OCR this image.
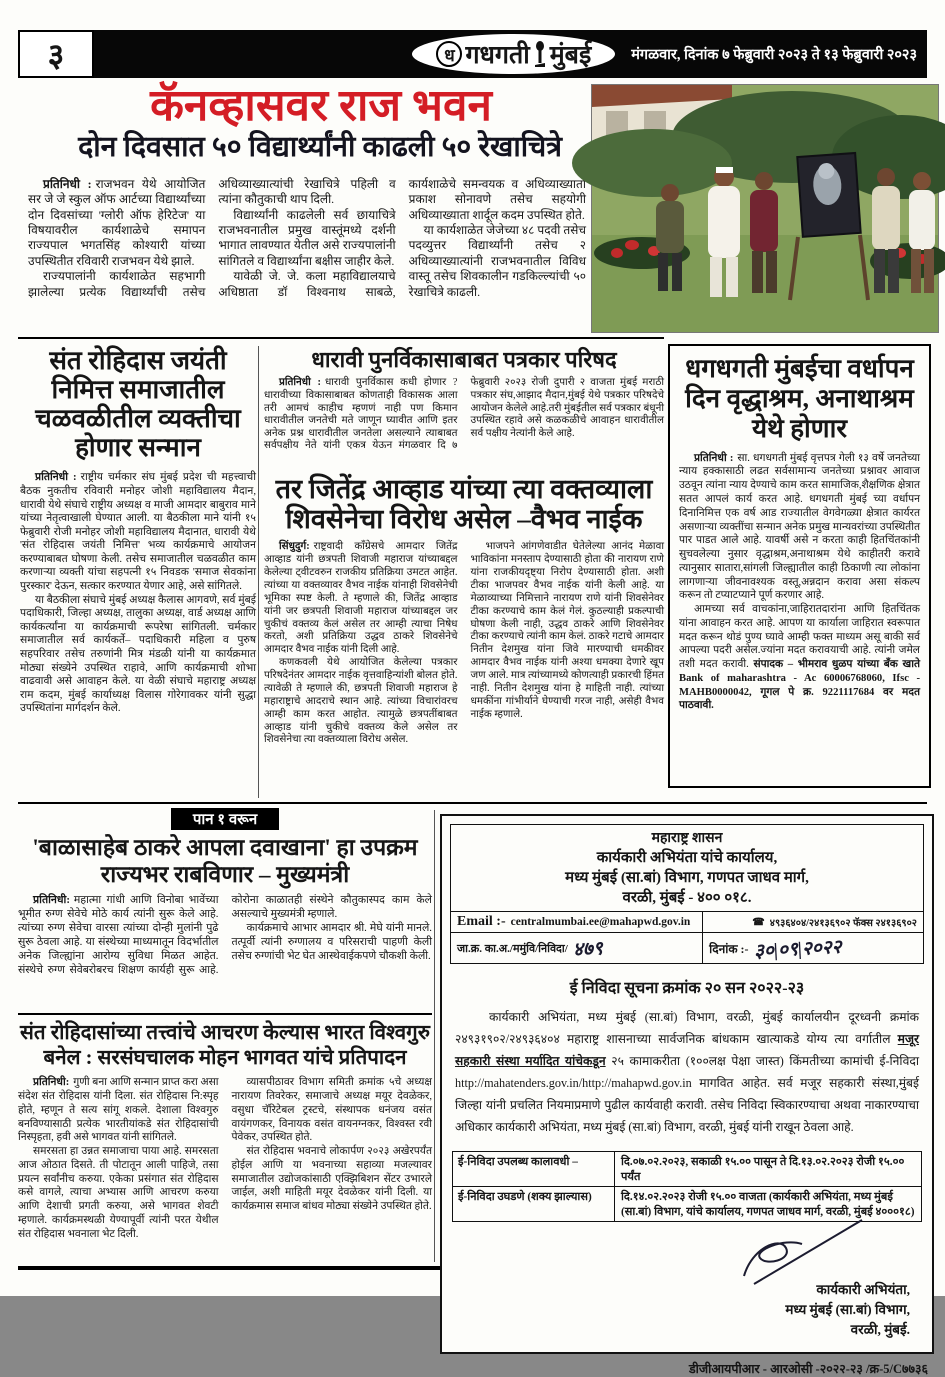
३	ध गधगती मुंबई	मंगळवार, दिनांक ७ फेब्रुवारी २०२३ ते १३ फेब्रुवारी २०२३
कॅनव्हासवर राज भवन
दोन दिवसात ५० विद्यार्थ्यांनी काढली ५० रेखाचित्रे

प्रतिनिधी : राजभवन येथे आयोजित सर जे जे स्कुल ऑफ आर्टच्या विद्यार्थ्यांच्या दोन दिवसांच्या 'ग्लोरी ऑफ हेरिटेज' या विषयावरील कार्यशाळेचे समापन राज्यपाल भगतसिंह कोश्यारी यांच्या उपस्थितीत रविवारी राजभवन येथे झाले.

राज्यपालांनी कार्यशाळेत सहभागी झालेल्या प्रत्येक विद्यार्थ्यांची तसेच अधिव्याख्यात्यांची रेखाचित्रे पहिली व त्यांना कौतुकाची थाप दिली.

विद्यार्थ्यांनी काढलेली सर्व छायाचित्रे राजभवनातील प्रमुख वास्तूंमध्ये दर्शनी भागात लावण्यात येतील असे राज्यपालांनी सांगितले व विद्यार्थ्यांना बक्षीस जाहीर केले.

यावेळी जे. जे. कला महाविद्यालयाचे अधिष्ठाता डॉ विश्वनाथ साबळे, कार्यशाळेचे समन्वयक व अधिव्याख्याता प्रकाश सोनावणे तसेच सहयोगी अधिव्याख्याता शार्दूल कदम उपस्थित होते.

या कार्यशाळेत जेजेच्या ४८ पदवी तसेच पदव्युत्तर विद्यार्थ्यांनी तसेच २ अधिव्याख्यात्यांनी राजभवनातील विविध वास्तू तसेच शिवकालीन गडकिल्ल्यांची ५० रेखाचित्रे काढली.

संत रोहिदास जयंती निमित्त समाजातील चळवळीतील व्यक्तीचा होणार सन्मान

प्रतिनिधी : राष्ट्रीय चर्मकार संघ मुंबई प्रदेश ची महत्त्वाची बैठक नुकतीच रविवारी मनोहर जोशी महाविद्यालय मैदान, धारावी येथे संघाचे राष्ट्रीय अध्यक्ष व माजी आमदार बाबुराव माने यांच्या नेतृत्वाखाली घेण्यात आली. या बैठकीला माने यांनी १५ फेब्रुवारी रोजी मनोहर जोशी महाविद्यालय मैदानात, धारावी येथे 'संत रोहिदास जयंती निमित्त' भव्य कार्यक्रमाचे आयोजन करण्याबाबत घोषणा केली. तसेच समाजातील चळवळीत काम करणाऱ्या व्यक्ती यांचा सहपत्नी १५ निवडक 'समाज सेवकांना पुरस्कार' देऊन, सत्कार करण्यात येणार आहे, असे सांगितले.

या बैठकीला संघाचे मुंबई अध्यक्ष कैलास आगवणे, सर्व मुंबई पदाधिकारी, जिल्हा अध्यक्ष, तालुका अध्यक्ष, वार्ड अध्यक्ष आणि कार्यकर्त्यांना या कार्यक्रमाची रूपरेषा सांगितली. चर्मकार समाजातील सर्व कार्यकर्ते– पदाधिकारी महिला व पुरुष सहपरिवार तसेच तरुणांनी मित्र मंडळी यांनी या कार्यक्रमात मोठ्या संख्येने उपस्थित राहावे, आणि कार्यक्रमाची शोभा वाढवावी असे आवाहन केले. या वेळी संघाचे महाराष्ट्र अध्यक्ष राम कदम, मुंबई कार्याध्यक्ष विलास गोरेगावकर यांनी सुद्धा उपस्थितांना मार्गदर्शन केले.

धारावी पुनर्विकासाबाबत पत्रकार परिषद

प्रतिनिधी : धारावी पुनर्विकास कधी होणार ? धारावीच्या विकासाबाबत कोणताही विकासक आला तरी आमचं काहीच म्हणणं नाही पण किमान धारावीतील जनतेची मते जाणून घ्यावीत आणि इतर अनेक प्रश्न धारावीतील जनतेला असल्याने त्याबाबत सर्वपक्षीय नेते यांनी एकत्र येऊन मंगळवार दि ७ फेब्रुवारी २०२३ रोजी दुपारी २ वाजता मुंबई मराठी पत्रकार संघ,आझाद मैदान,मुंबई येथे पत्रकार परिषदेचे आयोजन केलेले आहे.तरी मुंबईतील सर्व पत्रकार बंधूनी उपस्थित रहावे असे कळकळीचे आवाहन धारावीतील सर्व पक्षीय नेत्यांनी केले आहे.

तर जितेंद्र आव्हाड यांच्या त्या वक्तव्याला शिवसेनेचा विरोध असेल –वैभव नाईक

सिंधुदुर्ग: राष्ट्रवादी काँग्रेसचे आमदार जितेंद्र आव्हाड यांनी छत्रपती शिवाजी महाराज यांच्याबद्दल केलेल्या ट्वीटवरुन राजकीय प्रतिक्रिया उमटत आहेत. त्यांच्या या वक्तव्यावर वैभव नाईक यांनाही शिवसेनेची भूमिका स्पष्ट केली. ते म्हणाले की, जितेंद्र आव्हाड यांनी जर छत्रपती शिवाजी महाराज यांच्याबद्दल जर चुकीचं वक्तव्य केलं असेल तर आम्ही त्याचा निषेध करतो, अशी प्रतिक्रिया उद्धव ठाकरे शिवसेनेचे आमदार वैभव नाईक यांनी दिली आहे.

कणकवली येथे आयोजित केलेल्या पत्रकार परिषदेनंतर आमदार नाईक वृत्तवाहिन्यांशी बोलत होते. त्यावेळी ते म्हणाले की, छत्रपती शिवाजी महाराज हे महाराष्ट्राचे आदराचे स्थान आहे. त्यांच्या विचारांवरच आम्ही काम करत आहोत. त्यामुळे छत्रपतींबाबत आव्हाड यांनी चुकीचे वक्तव्य केले असेल तर शिवसेनेचा त्या वक्तव्याला विरोध असेल.

भाजपने आंगणेवाडीत घेतेलेल्या आनंद मेळावा भाविकांना मनस्ताप देण्यासाठी होता की नारायण राणे यांना राजकीयदृष्ट्या निरोप देण्यासाठी होता. अशी टीका भाजपवर वैभव नाईक यांनी केली आहे. या मेळाव्याच्या निमित्ताने नारायण राणे यांनी शिवसेनेवर टीका करण्याचे काम केलं गेलं. कुठल्याही प्रकल्पाची घोषणा केली नाही, उद्धव ठाकरे आणि शिवसेनेवर टीका करण्याचे त्यांनी काम केलं. ठाकरे गटाचे आमदार नितीन देशमुख यांना जिवे मारण्याची धमकीवर आमदार वैभव नाईक यांनी अश्या धमक्या देणारे खूप जण आले. मात्र त्यांच्यामध्ये कोणत्याही प्रकारची हिंमत नाही. नितीन देशमुख यांना हे माहिती नाही. त्यांच्या धमकींना गांभीर्याने घेण्याची गरज नाही, असेही वैभव नाईक म्हणाले.

धगधगती मुंबईचा वर्धापन दिन वृद्धाश्रम, अनाथाश्रम येथे होणार

प्रतिनिधी : सा. धगधगती मुंबई वृत्तपत्र गेली १३ वर्षे जनतेच्या न्याय हक्कासाठी लढत सर्वसामान्य जनतेच्या प्रश्नावर आवाज उठवून त्यांना न्याय देण्याचे काम करत सामाजिक,शैक्षणिक क्षेत्रात सतत आपलं कार्य करत आहे. धगधगती मुंबई च्या वर्धापन दिनानिमित्त एक वर्ष आड राज्यातील वेगवेगळ्या क्षेत्रात कार्यरत असणाऱ्या व्यक्तींचा सन्मान अनेक प्रमुख मान्यवरांच्या उपस्थितीत पार पाडत आले आहे. यावर्षी असे न करता काही हितचिंतकांनी सुचवलेल्या नुसार वृद्धाश्रम,अनाथाश्रम येथे काहीतरी करावे त्यानुसार सातारा,सांगली जिल्ह्यातील काही ठिकाणी त्या लोकांना लागणाऱ्या जीवनावश्यक वस्तू,अन्नदान करावा असा संकल्प करून तो टप्याटप्याने पूर्ण करणार आहे.

आमच्या सर्व वाचकांना,जाहिरातदारांना आणि हितचिंतक यांना आवाहन करत आहे. आपण या कार्याला जाहिरात स्वरूपात मदत करून थोडं पुण्य घ्यावे आम्ही फक्त माध्यम असू बाकी सर्व आपल्या पदरी असेल.ज्यांना मदत करावयाची आहे. त्यांनी जमेल तशी मदत करावी. संपादक – भीमराव धुळप यांच्या बँक खाते Bank of maharashtra - Ac 60006768060, Ifsc - MAHB0000042, गूगल पे क्र. 9221117684 वर मदत पाठवावी.

पान १ वरून
'बाळासाहेब ठाकरे आपला दवाखाना' हा उपक्रम राज्यभर राबविणार – मुख्यमंत्री

प्रतिनिधी: महात्मा गांधी आणि विनोबा भावेंच्या भूमीत रुग्ण सेवेचे मोठे कार्य त्यांनी सुरू केले आहे. त्यांच्या रुग्ण सेवेचा वारसा त्यांच्या दोन्ही मुलांनी पुढे सुरू ठेवला आहे. या संस्थेच्या माध्यमातून विदर्भातील अनेक जिल्ह्यांना आरोग्य सुविधा मिळत आहेत. संस्थेचे रुग्ण सेवेबरोबरच शिक्षण कार्यही सुरू आहे. कोरोना काळातही संस्थेने कौतुकास्पद काम केले असल्याचे मुख्यमंत्री म्हणाले.

कार्यक्रमाचे आभार आमदार श्री. मेघे यांनी मानले. तत्पूर्वी त्यांनी रुग्णालय व परिसराची पाहणी केली तसेच रुग्णांची भेट घेत आस्थेवाईकपणे चौकशी केली.

संत रोहिदासांच्या तत्त्वांचे आचरण केल्यास भारत विश्वगुरु बनेल : सरसंघचालक मोहन भागवत यांचे प्रतिपादन

प्रतिनिधी: गुणी बना आणि सन्मान प्राप्त करा असा संदेश संत रोहिदास यांनी दिला. संत रोहिदास नि:स्पृह होते, म्हणून ते सत्य सांगू शकले. देशाला विश्वगुरु बनविण्यासाठी प्रत्येक भारतीयांकडे संत रोहिदासांची निस्पृहता, हवी असे भागवत यांनी सांगितले.

समरसता हा उन्नत समाजाचा पाया आहे. समरसता आज ओठात दिसते. ती पोटातून आली पाहिजे, तसा प्रयत्न सर्वांनीच करुया. एकेका प्रसंगात संत रोहिदास कसे वागले, त्याचा अभ्यास आणि आचरण करुया आणि देशाची प्रगती करुया, असे भागवत शेवटी म्हणाले. कार्यक्रमस्थळी येण्यापूर्वी त्यांनी परत येथील संत रोहिदास भवनाला भेट दिली.

व्यासपीठावर विभाग समिती क्रमांक ५चे अध्यक्ष नारायण तिवरेकर, समाजाचे अध्यक्ष मयूर देवळेकर, वसुधा चॅरिटेबल ट्रस्टचे, संस्थापक धनंजय वसंत वायंगणकर, विनायक वसंत वायनग्नकर, विश्वस्त रवी पेवेकर, उपस्थित होते.

संत रोहिदास भवनाचे लोकार्पण २०२३ अखेरपर्यंत होईल आणि या भवनाच्या सहाव्या मजल्यावर समाजातील उद्योजकांसाठी एक्झिबिशन सेंटर उभारले जाईल, अशी माहिती मयूर देवळेकर यांनी दिली. या कार्यक्रमास समाज बांधव मोठ्या संख्येने उपस्थित होते.

महाराष्ट्र शासन
कार्यकारी अभियंता यांचे कार्यालय,
मध्य मुंबई (सा.बां) विभाग, गणपत जाधव मार्ग,
वरळी, मुंबई - ४०० ०१८.
Email :- centralmumbai.ee@mahapwd.gov.in	☎ ४९३६४०४/२४१३६९०२ फॅक्स २४१३६९०२
जा.क्र. का.अ./ममुंवि/निविदा/ ४७९	दिनांक :- ३०|०९|२०२२
ई निविदा सूचना क्रमांक २० सन २०२२-२३

कार्यकारी अभियंता, मध्य मुंबई (सा.बां) विभाग, वरळी, मुंबई कार्यालयीन दूरध्वनी क्रमांक २४९३१९०२/२४९३६४०४ महाराष्ट्र शासनाच्या सार्वजनिक बांधकाम खात्याकडे योग्य त्या वर्गातील मजूर सहकारी संस्था मर्यादित यांचेकडून २५ कामाकरीता (१००लक्ष पेक्षा जास्त) किंमतीच्या कामांची ई-निविदा http://mahatenders.gov.in/http://mahapwd.gov.in मागवित आहेत. सर्व मजूर सहकारी संस्था,मुंबई जिल्हा यांनी प्रचलित नियमाप्रमाणे पुढील कार्यवाही करावी. तसेच निविदा स्विकारण्याचा अथवा नाकारण्याचा अधिकार कार्यकारी अभियंता, मध्य मुंबई (सा.बां) विभाग, वरळी, मुंबई यांनी राखून ठेवला आहे.

ई-निविदा उपलब्ध कालावधी –	दि.०७.०२.२०२३, सकाळी १५.०० पासून ते दि.१३.०२.२०२३ रोजी १५.०० पर्यंत
ई-निविदा उघडणे (शक्य झाल्यास)	दि.१४.०२.२०२३ रोजी १५.०० वाजता (कार्यकारी अभियंता, मध्य मुंबई (सा.बां) विभाग, यांचे कार्यालय, गणपत जाधव मार्ग, वरळी, मुंबई ४०००१८)
कार्यकारी अभियंता,
मध्य मुंबई (सा.बां) विभाग,
वरळी, मुंबई.
डीजीआयपीआर - आरओसी -२०२२-२३ /क्र-5/C७७३६
